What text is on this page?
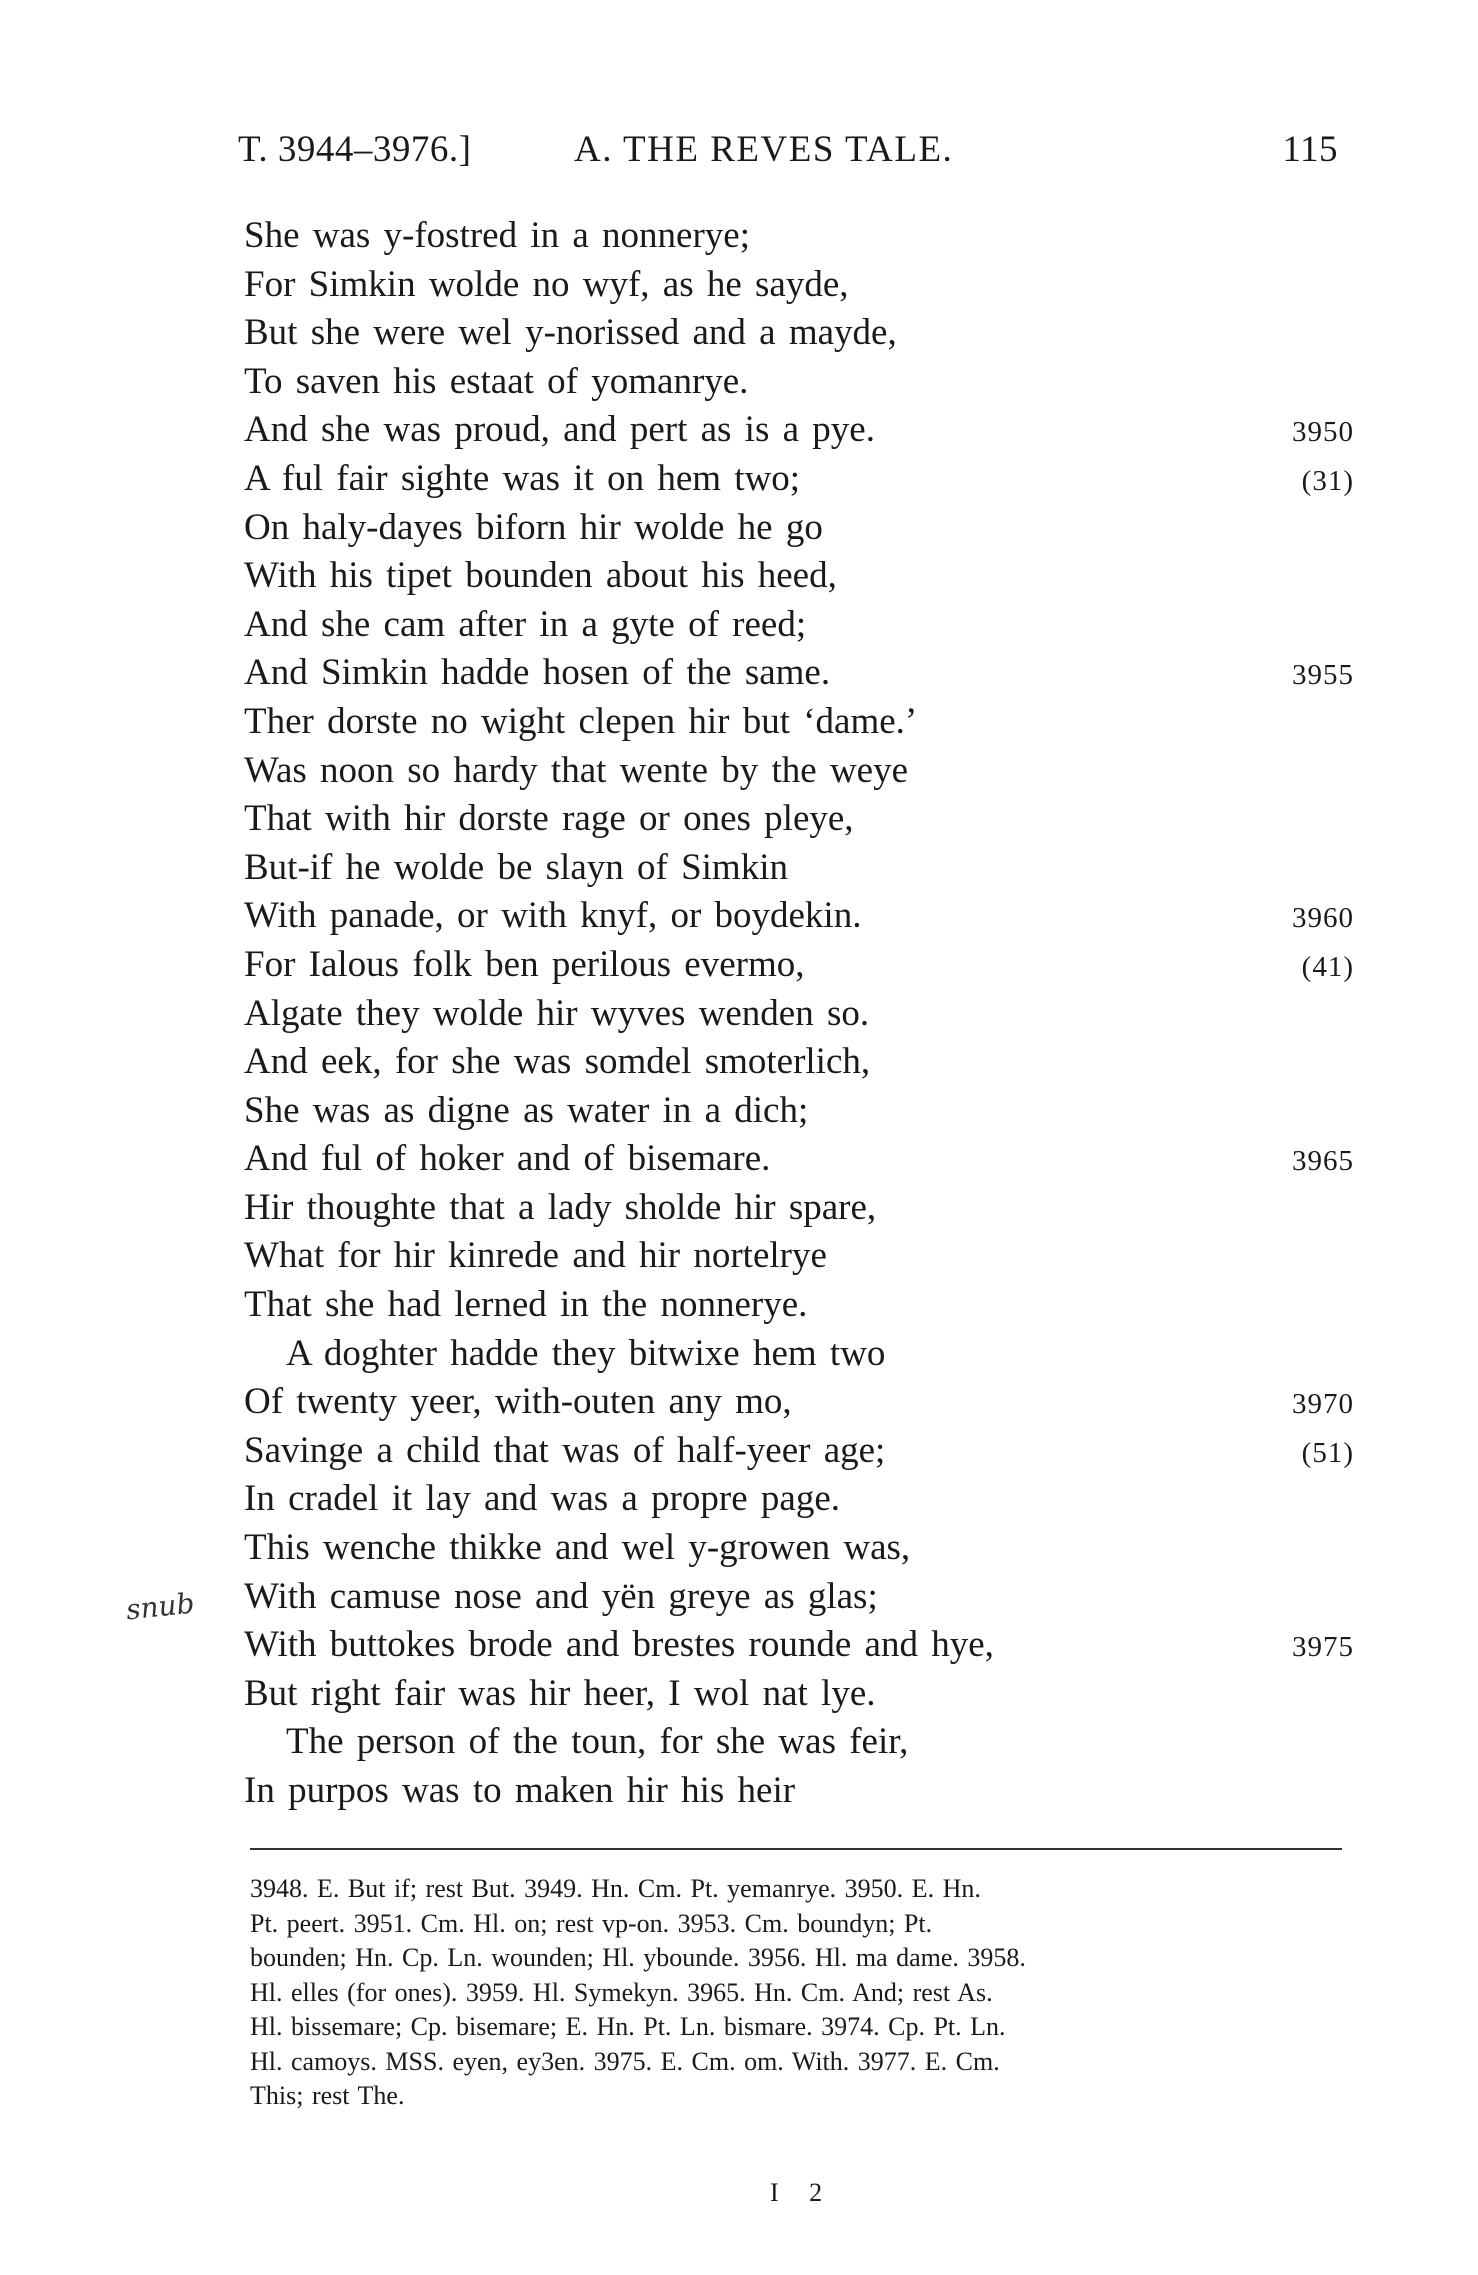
T. 3944–3976.]	A. THE REVES TALE.	115
She was y-fostred in a nonnerye;
For Simkin wolde no wyf, as he sayde,
But she were wel y-norissed and a mayde,
To saven his estaat of yomanrye.
And she was proud, and pert as is a pye.	3950
A ful fair sighte was it on hem two;	(31)
On haly-dayes biforn hir wolde he go
With his tipet bounden about his heed,
And she cam after in a gyte of reed;
And Simkin hadde hosen of the same.	3955
Ther dorste no wight clepen hir but ‘dame.’
Was noon so hardy that wente by the weye
That with hir dorste rage or ones pleye,
But-if he wolde be slayn of Simkin
With panade, or with knyf, or boydekin.	3960
For Ialous folk ben perilous evermo,	(41)
Algate they wolde hir wyves wenden so.
And eek, for she was somdel smoterlich,
She was as digne as water in a dich;
And ful of hoker and of bisemare.	3965
Hir thoughte that a lady sholde hir spare,
What for hir kinrede and hir nortelrye
That she had lerned in the nonnerye.
A doghter hadde they bitwixe hem two
Of twenty yeer, with-outen any mo,	3970
Savinge a child that was of half-yeer age;	(51)
In cradel it lay and was a propre page.
This wenche thikke and wel y-growen was,
With camuse nose and yën greye as glas;
With buttokes brode and brestes rounde and hye,	3975
But right fair was hir heer, I wol nat lye.
The person of the toun, for she was feir,
In purpos was to maken hir his heir
snub
3948. E. But if; rest But. 3949. Hn. Cm. Pt. yemanrye. 3950. E. Hn.
Pt. peert. 3951. Cm. Hl. on; rest vp-on. 3953. Cm. boundyn; Pt.
bounden; Hn. Cp. Ln. wounden; Hl. ybounde. 3956. Hl. ma dame. 3958.
Hl. elles (for ones). 3959. Hl. Symekyn. 3965. Hn. Cm. And; rest As.
Hl. bissemare; Cp. bisemare; E. Hn. Pt. Ln. bismare. 3974. Cp. Pt. Ln.
Hl. camoys. MSS. eyen, ey3en. 3975. E. Cm. om. With. 3977. E. Cm.
This; rest The.
I 2
